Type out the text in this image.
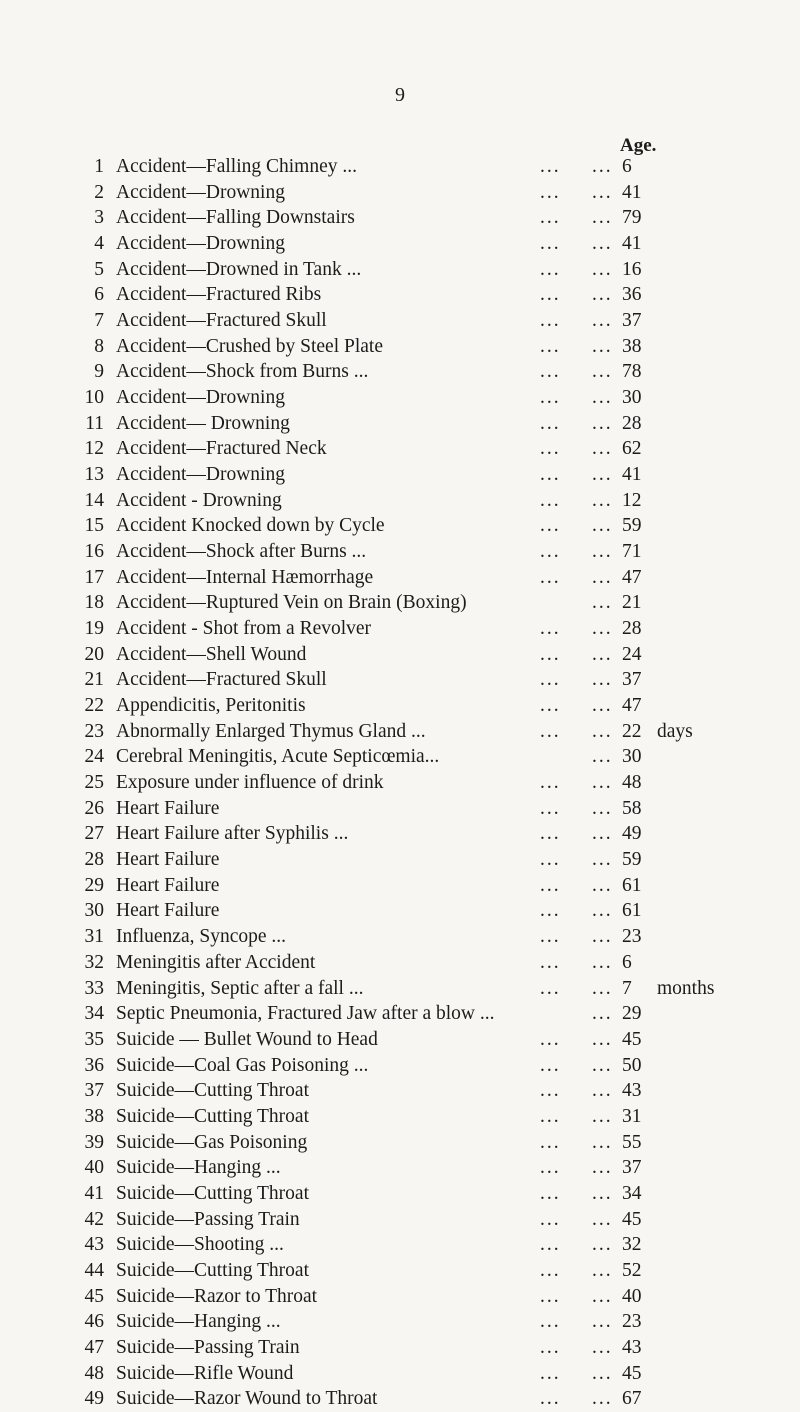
9
Age.
1 Accident—Falling Chimney ...	... ... 6
2 Accident—Drowning	... ... 41
3 Accident—Falling Downstairs	... ... 79
4 Accident—Drowning	... ... 41
5 Accident—Drowned in Tank ...	... ... 16
6 Accident—Fractured Ribs	... ... 36
7 Accident—Fractured Skull	... ... 37
8 Accident—Crushed by Steel Plate	... ... 38
9 Accident—Shock from Burns ...	... ... 78
10 Accident—Drowning	... ... 30
11 Accident— Drowning	... ... 28
12 Accident—Fractured Neck	... ... 62
13 Accident—Drowning	... ... 41
14 Accident - Drowning	... ... 12
15 Accident Knocked down by Cycle	... ... 59
16 Accident—Shock after Burns ...	... ... 71
17 Accident—Internal Hæmorrhage	... ... 47
18 Accident—Ruptured Vein on Brain (Boxing)	... 21
19 Accident - Shot from a Revolver	... ... 28
20 Accident—Shell Wound	... ... 24
21 Accident—Fractured Skull	... ... 37
22 Appendicitis, Peritonitis	... ... 47
23 Abnormally Enlarged Thymus Gland ...	... ... 22 days
24 Cerebral Meningitis, Acute Septicœmia...	... 30
25 Exposure under influence of drink	... ... 48
26 Heart Failure	... ... 58
27 Heart Failure after Syphilis ...	... ... 49
28 Heart Failure	... ... 59
29 Heart Failure	... ... 61
30 Heart Failure	... ... 61
31 Influenza, Syncope ...	... ... 23
32 Meningitis after Accident	... ... 6
33 Meningitis, Septic after a fall ...	... ... 7	months
34 Septic Pneumonia, Fractured Jaw after a blow ...	... 29
35 Suicide — Bullet Wound to Head	... ... 45
36 Suicide—Coal Gas Poisoning ...	... ... 50
37 Suicide—Cutting Throat	... ... 43
38 Suicide—Cutting Throat	... ... 31
39 Suicide—Gas Poisoning	... ... 55
40 Suicide—Hanging ...	... ... 37
41 Suicide—Cutting Throat	... ... 34
42 Suicide—Passing Train	... ... 45
43 Suicide—Shooting ...	... ... 32
44 Suicide—Cutting Throat	... ... 52
45 Suicide—Razor to Throat	... ... 40
46 Suicide—Hanging ...	... ... 23
47 Suicide—Passing Train	... ... 43
48 Suicide—Rifle Wound	... ... 45
49 Suicide—Razor Wound to Throat	... ... 67
